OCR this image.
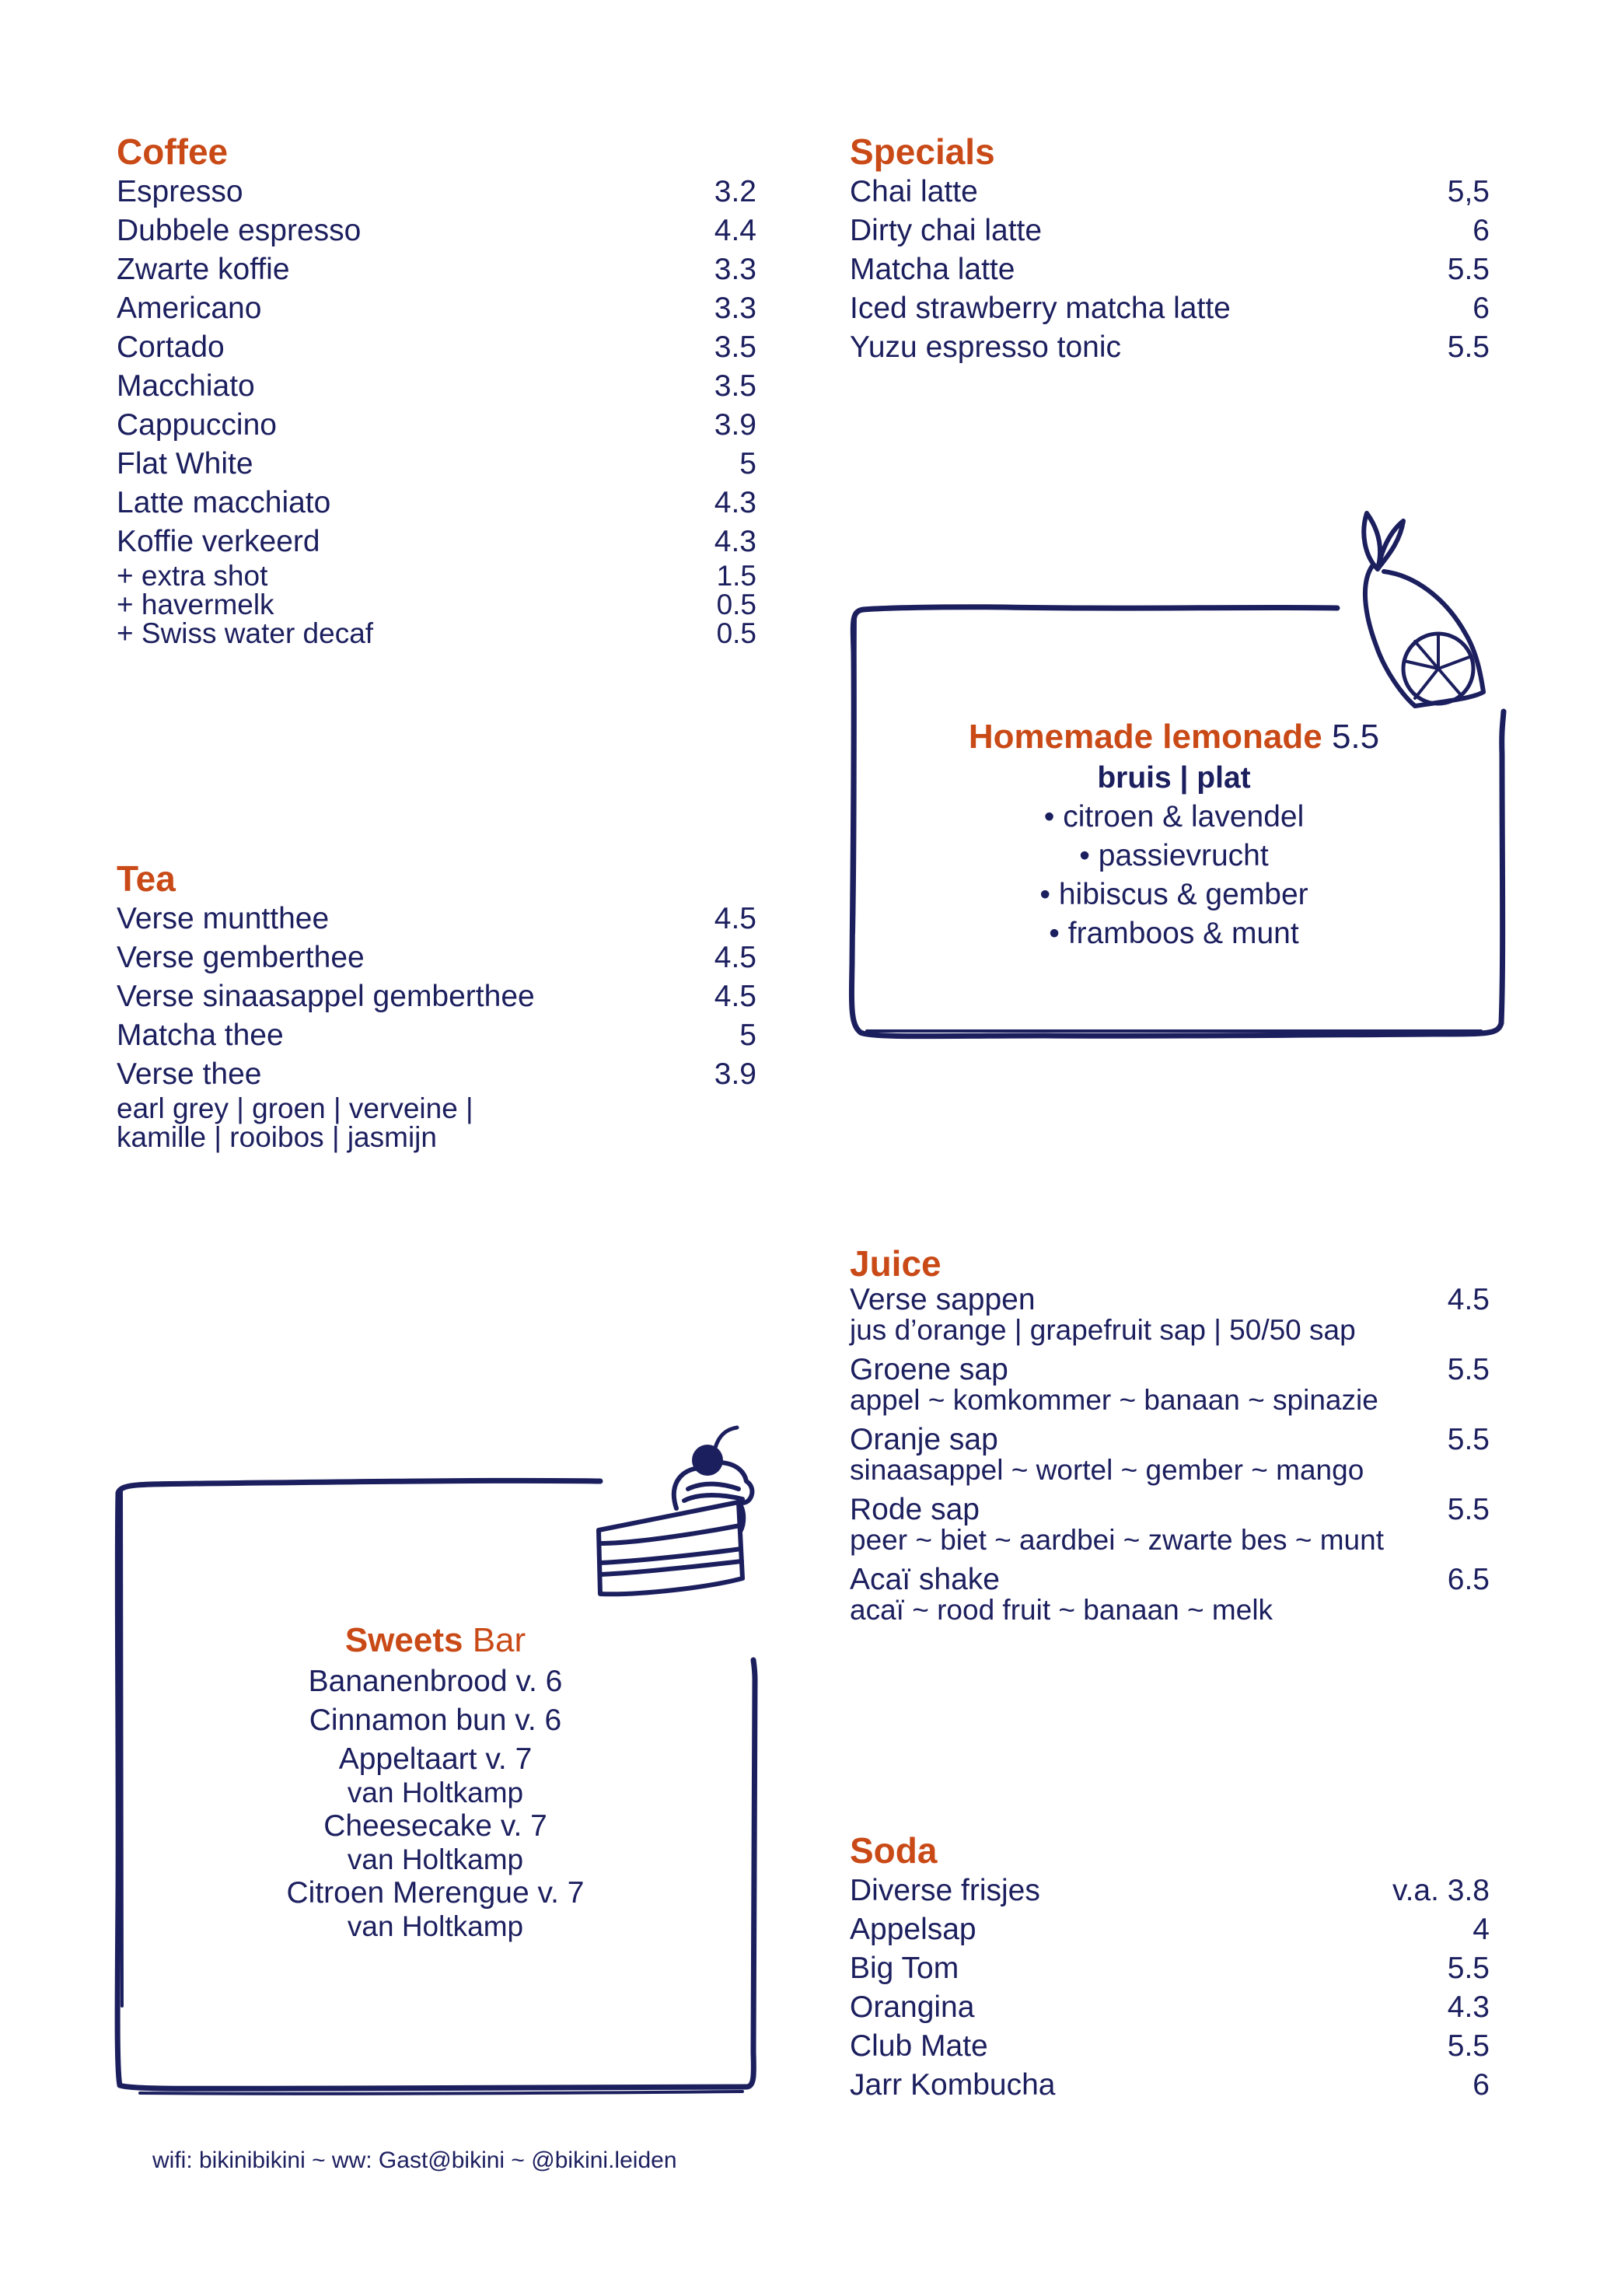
Coffee
Espresso	3.2
Dubbele espresso	4.4
Zwarte koffie	3.3
Americano	3.3
Cortado	3.5
Macchiato	3.5
Cappuccino	3.9
Flat White	5
Latte macchiato	4.3
Koffie verkeerd	4.3
+ extra shot	1.5
+ havermelk	0.5
+ Swiss water decaf	0.5
Specials
Chai latte	5,5
Dirty chai latte	6
Matcha latte	5.5
Iced strawberry matcha latte	6
Yuzu espresso tonic	5.5
Homemade lemonade 5.5
bruis | plat
• citroen & lavendel
• passievrucht
• hibiscus & gember
• framboos & munt
Tea
Verse muntthee	4.5
Verse gemberthee	4.5
Verse sinaasappel gemberthee	4.5
Matcha thee	5
Verse thee	3.9
earl grey | groen | verveine |
kamille | rooibos | jasmijn
Juice
Verse sappen	4.5
jus d’orange | grapefruit sap | 50/50 sap
Groene sap	5.5
appel ~ komkommer ~ banaan ~ spinazie
Oranje sap	5.5
sinaasappel ~ wortel ~ gember ~ mango
Rode sap	5.5
peer ~ biet ~ aardbei ~ zwarte bes ~ munt
Acaï shake	6.5
acaï ~ rood fruit ~ banaan ~ melk
Sweets Bar
Bananenbrood v. 6
Cinnamon bun v. 6
Appeltaart v. 7
van Holtkamp
Cheesecake v. 7
van Holtkamp
Citroen Merengue v. 7
van Holtkamp
Soda
Diverse frisjes	v.a. 3.8
Appelsap	4
Big Tom	5.5
Orangina	4.3
Club Mate	5.5
Jarr Kombucha	6
wifi: bikinibikini ~ ww: Gast@bikini ~ @bikini.leiden
